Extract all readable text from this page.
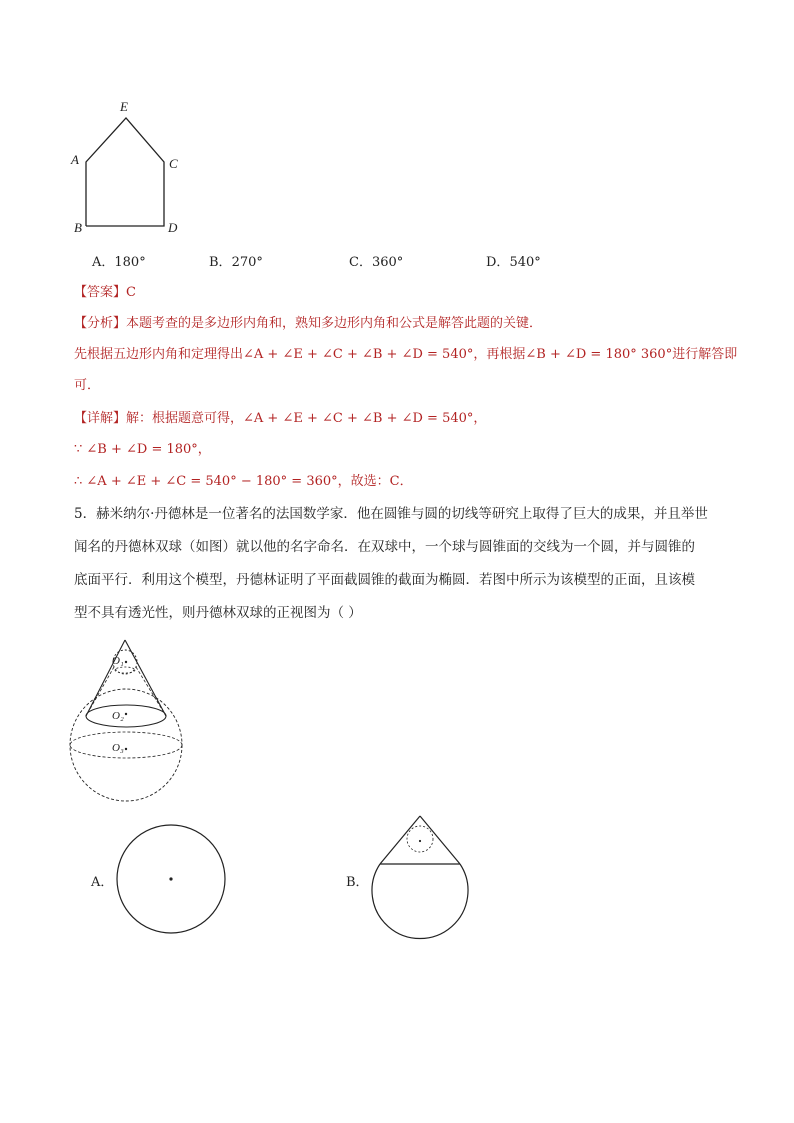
E
A	C
B	D
A．180°	B．270°	C．360°	D．540°
【答案】C
【分析】本题考查的是多边形内角和，熟知多边形内角和公式是解答此题的关键．
先根据五边形内角和定理得出∠A + ∠E + ∠C + ∠B + ∠D = 540°，再根据∠B + ∠D = 180° 360°进行解答即
可．
【详解】解：根据题意可得，∠A + ∠E + ∠C + ∠B + ∠D = 540°，
∵ ∠B + ∠D = 180°，
∴ ∠A + ∠E + ∠C = 540° − 180° = 360°，故选：C．
5．赫米纳尔·丹德林是一位著名的法国数学家．他在圆锥与圆的切线等研究上取得了巨大的成果，并且举世
闻名的丹德林双球（如图）就以他的名字命名．在双球中，一个球与圆锥面的交线为一个圆，并与圆锥的
底面平行．利用这个模型，丹德林证明了平面截圆锥的截面为椭圆．若图中所示为该模型的正面，且该模
型不具有透光性，则丹德林双球的正视图为（ ）
O₁
O₂
O₃
A．	B．
